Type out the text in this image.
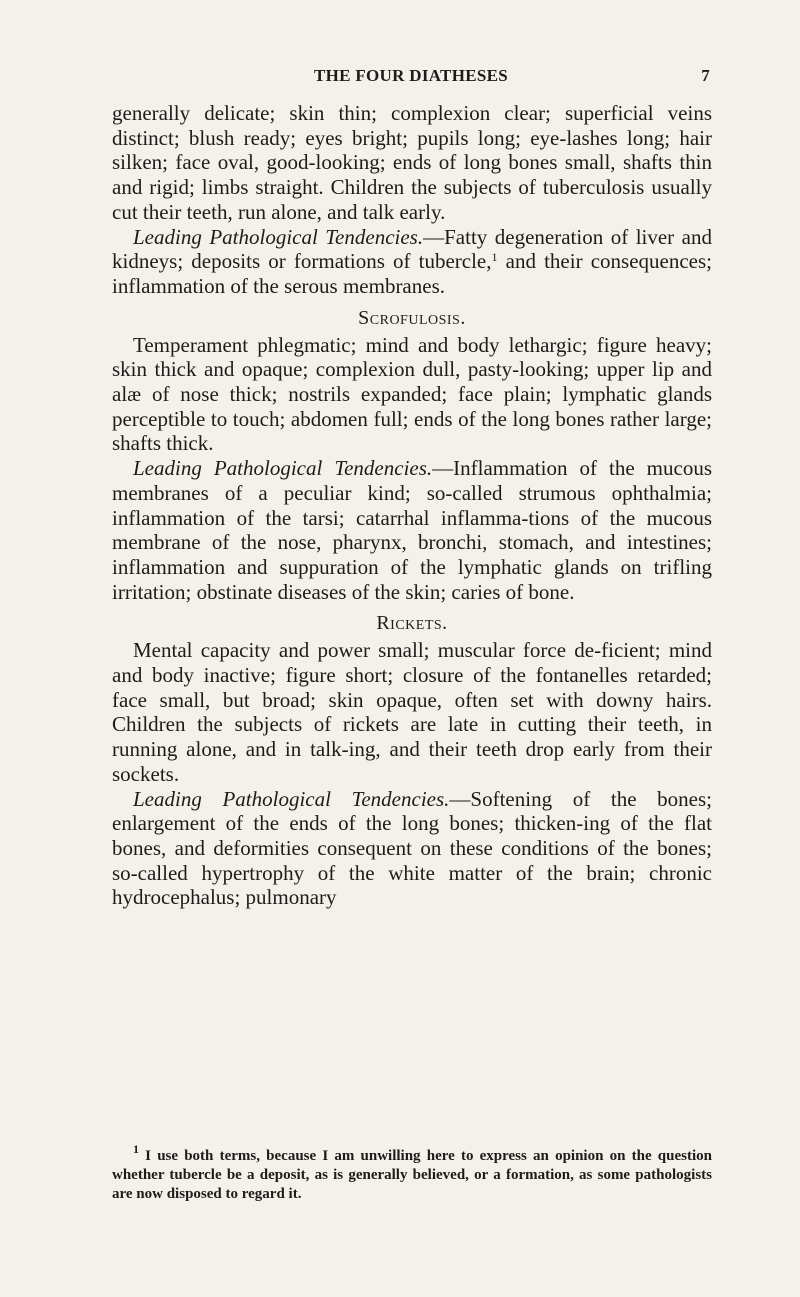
THE FOUR DIATHESES	7

generally delicate; skin thin; complexion clear; superficial veins distinct; blush ready; eyes bright; pupils long; eye-lashes long; hair silken; face oval, good-looking; ends of long bones small, shafts thin and rigid; limbs straight. Children the subjects of tuberculosis usually cut their teeth, run alone, and talk early.

Leading Pathological Tendencies.—Fatty degeneration of liver and kidneys; deposits or formations of tubercle,$^1$ and their consequences; inflammation of the serous membranes.

Scrofulosis.

Temperament phlegmatic; mind and body lethargic; figure heavy; skin thick and opaque; complexion dull, pasty-looking; upper lip and alæ of nose thick; nostrils expanded; face plain; lymphatic glands perceptible to touch; abdomen full; ends of the long bones rather large; shafts thick.

Leading Pathological Tendencies.—Inflammation of the mucous membranes of a peculiar kind; so-called strumous ophthalmia; inflammation of the tarsi; catarrhal inflamma-tions of the mucous membrane of the nose, pharynx, bronchi, stomach, and intestines; inflammation and suppuration of the lymphatic glands on trifling irritation; obstinate diseases of the skin; caries of bone.

Rickets.

Mental capacity and power small; muscular force de-ficient; mind and body inactive; figure short; closure of the fontanelles retarded; face small, but broad; skin opaque, often set with downy hairs. Children the subjects of rickets are late in cutting their teeth, in running alone, and in talk-ing, and their teeth drop early from their sockets.

Leading Pathological Tendencies.—Softening of the bones; enlargement of the ends of the long bones; thicken-ing of the flat bones, and deformities consequent on these conditions of the bones; so-called hypertrophy of the white matter of the brain; chronic hydrocephalus; pulmonary

$^1$ I use both terms, because I am unwilling here to express an opinion on the question whether tubercle be a deposit, as is generally believed, or a formation, as some pathologists are now disposed to regard it.
